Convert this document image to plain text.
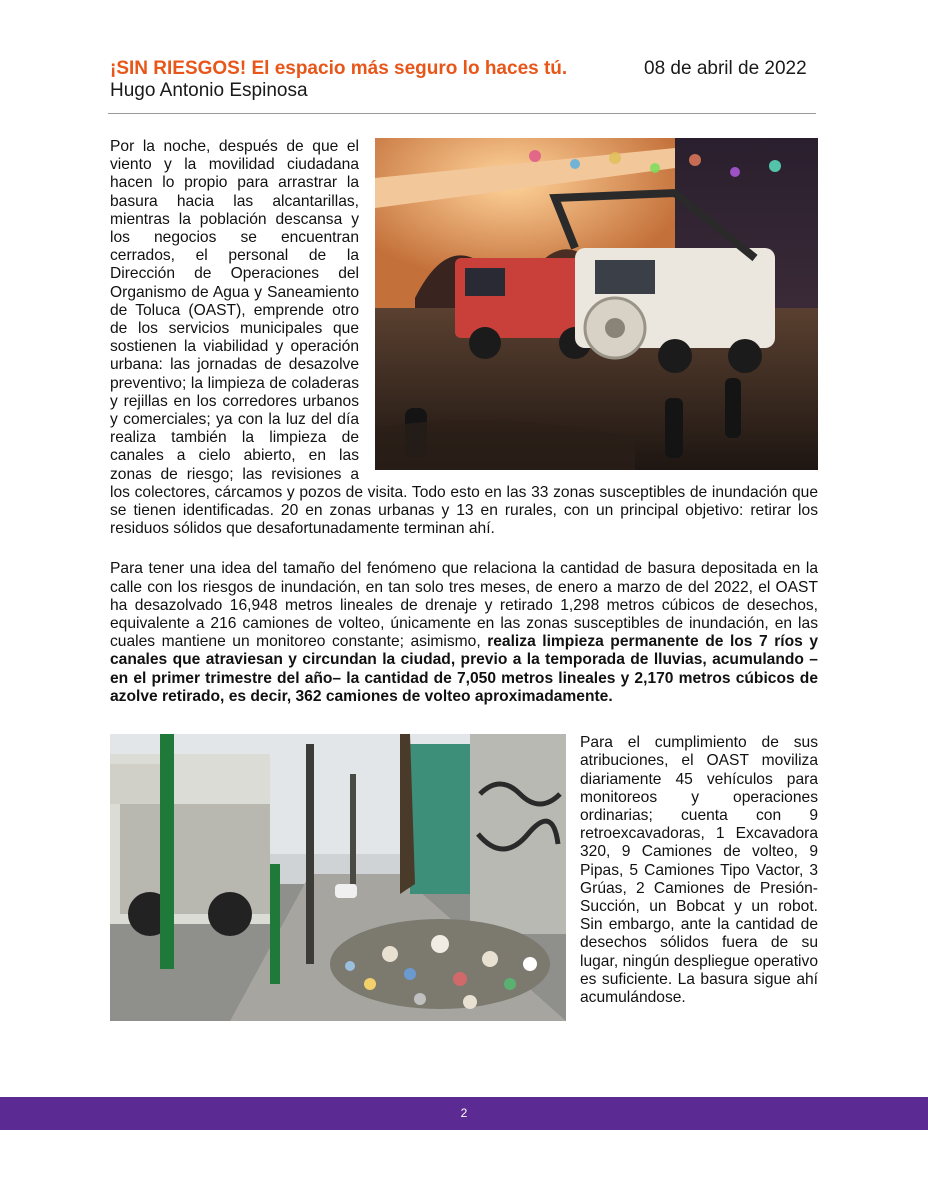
¡SIN RIESGOS! El espacio más seguro lo haces tú.	08 de abril de 2022
Hugo Antonio Espinosa

Por la noche, después de que el viento y la movilidad ciudadana hacen lo propio para arrastrar la basura hacia las alcantarillas, mientras la población descansa y los negocios se encuentran cerrados, el personal de la Dirección de Operaciones del Organismo de Agua y Saneamiento de Toluca (OAST), emprende otro de los servicios municipales que sostienen la viabilidad y operación urbana: las jornadas de desazolve preventivo; la limpieza de coladeras y rejillas en los corredores urbanos y comerciales; ya con la luz del día realiza también la limpieza de canales a cielo abierto, en las zonas de riesgo; las revisiones a los colectores, cárcamos y pozos de visita. Todo esto en las 33 zonas susceptibles de inundación que se tienen identificadas. 20 en zonas urbanas y 13 en rurales, con un principal objetivo: retirar los residuos sólidos que desafortunadamente terminan ahí.

Para tener una idea del tamaño del fenómeno que relaciona la cantidad de basura depositada en la calle con los riesgos de inundación, en tan solo tres meses, de enero a marzo de del 2022, el OAST ha desazolvado 16,948 metros lineales de drenaje y retirado 1,298 metros cúbicos de desechos, equivalente a 216 camiones de volteo, únicamente en las zonas susceptibles de inundación, en las cuales mantiene un monitoreo constante; asimismo, realiza limpieza permanente de los 7 ríos y canales que atraviesan y circundan la ciudad, previo a la temporada de lluvias, acumulando –en el primer trimestre del año– la cantidad de 7,050 metros lineales y 2,170 metros cúbicos de azolve retirado, es decir, 362 camiones de volteo aproximadamente.

Para el cumplimiento de sus atribuciones, el OAST moviliza diariamente 45 vehículos para monitoreos y operaciones ordinarias; cuenta con 9 retroexcavadoras, 1 Excavadora 320, 9 Camiones de volteo, 9 Pipas, 5 Camiones Tipo Vactor, 3 Grúas, 2 Camiones de Presión-Succión, un Bobcat y un robot. Sin embargo, ante la cantidad de desechos sólidos fuera de su lugar, ningún despliegue operativo es suficiente. La basura sigue ahí acumulándose.

2
